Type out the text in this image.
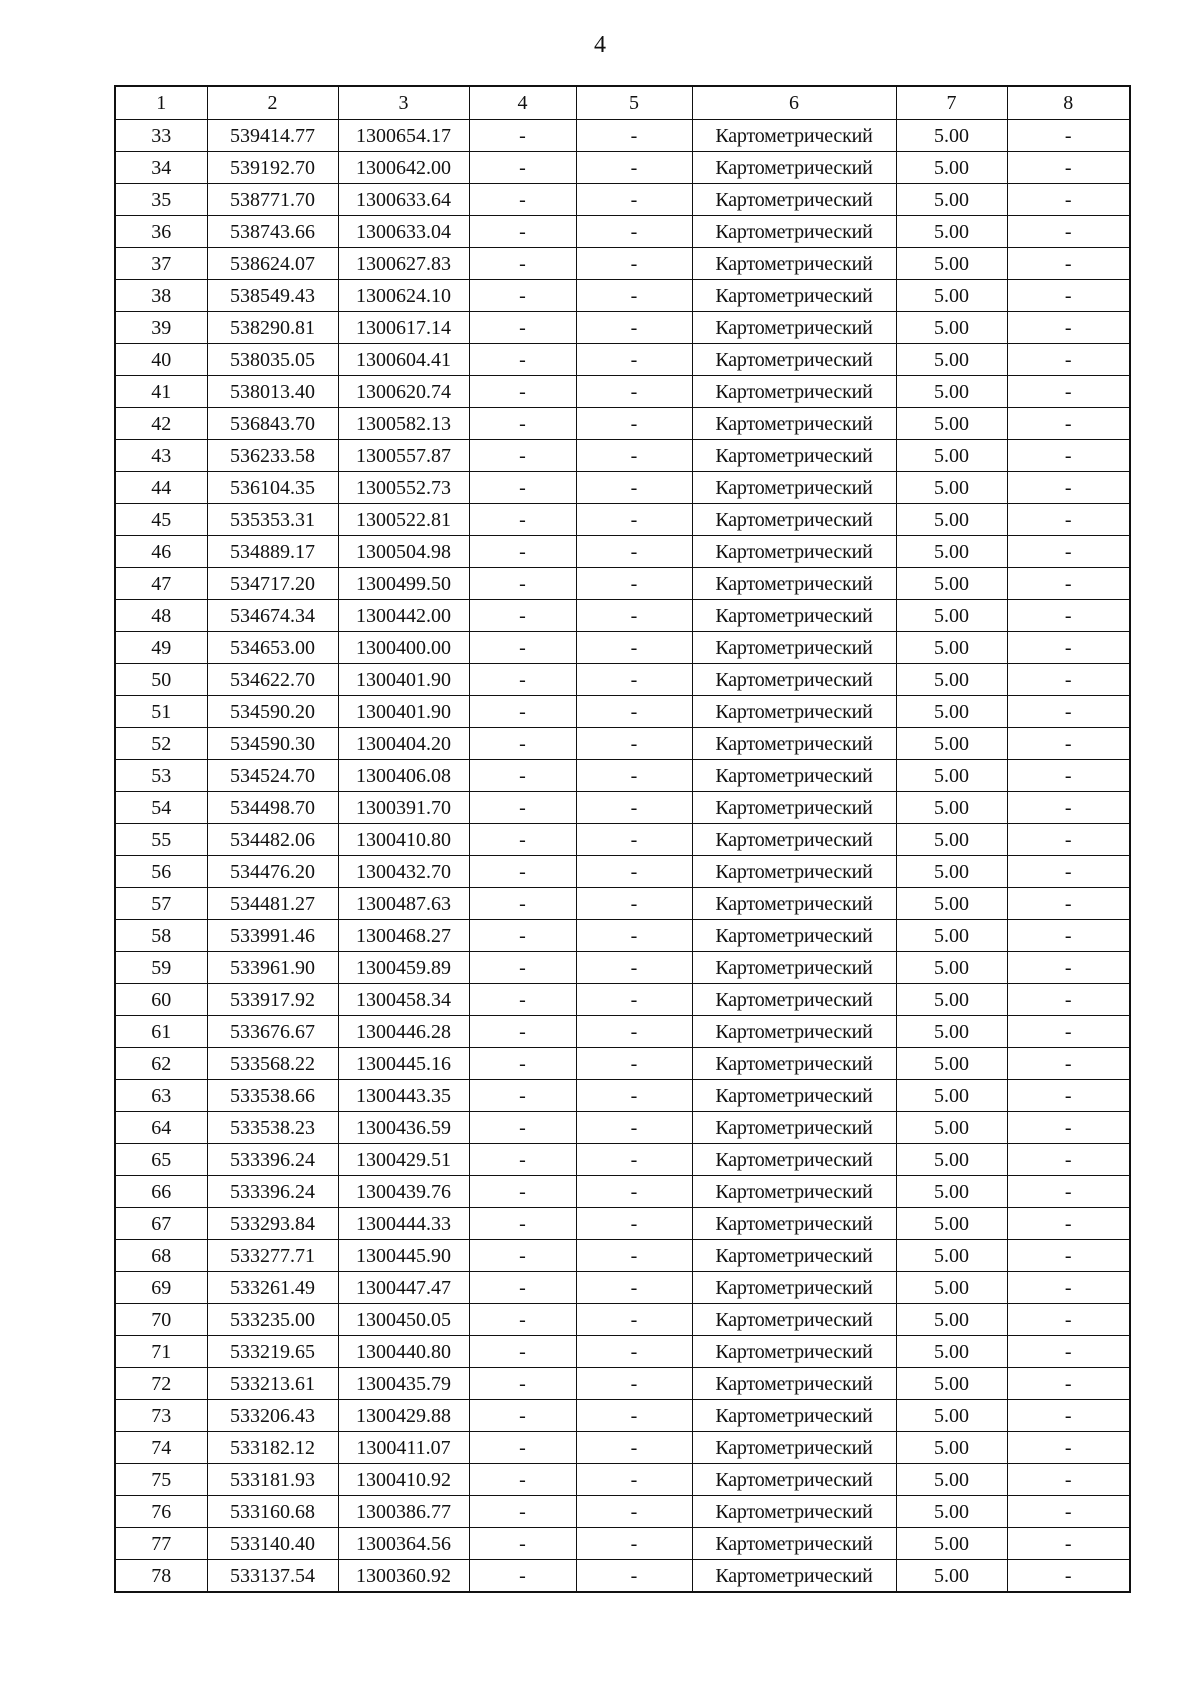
4
1	2	3	4	5	6	7	8
33	539414.77	1300654.17	-	-	Картометрический	5.00	-
34	539192.70	1300642.00	-	-	Картометрический	5.00	-
35	538771.70	1300633.64	-	-	Картометрический	5.00	-
36	538743.66	1300633.04	-	-	Картометрический	5.00	-
37	538624.07	1300627.83	-	-	Картометрический	5.00	-
38	538549.43	1300624.10	-	-	Картометрический	5.00	-
39	538290.81	1300617.14	-	-	Картометрический	5.00	-
40	538035.05	1300604.41	-	-	Картометрический	5.00	-
41	538013.40	1300620.74	-	-	Картометрический	5.00	-
42	536843.70	1300582.13	-	-	Картометрический	5.00	-
43	536233.58	1300557.87	-	-	Картометрический	5.00	-
44	536104.35	1300552.73	-	-	Картометрический	5.00	-
45	535353.31	1300522.81	-	-	Картометрический	5.00	-
46	534889.17	1300504.98	-	-	Картометрический	5.00	-
47	534717.20	1300499.50	-	-	Картометрический	5.00	-
48	534674.34	1300442.00	-	-	Картометрический	5.00	-
49	534653.00	1300400.00	-	-	Картометрический	5.00	-
50	534622.70	1300401.90	-	-	Картометрический	5.00	-
51	534590.20	1300401.90	-	-	Картометрический	5.00	-
52	534590.30	1300404.20	-	-	Картометрический	5.00	-
53	534524.70	1300406.08	-	-	Картометрический	5.00	-
54	534498.70	1300391.70	-	-	Картометрический	5.00	-
55	534482.06	1300410.80	-	-	Картометрический	5.00	-
56	534476.20	1300432.70	-	-	Картометрический	5.00	-
57	534481.27	1300487.63	-	-	Картометрический	5.00	-
58	533991.46	1300468.27	-	-	Картометрический	5.00	-
59	533961.90	1300459.89	-	-	Картометрический	5.00	-
60	533917.92	1300458.34	-	-	Картометрический	5.00	-
61	533676.67	1300446.28	-	-	Картометрический	5.00	-
62	533568.22	1300445.16	-	-	Картометрический	5.00	-
63	533538.66	1300443.35	-	-	Картометрический	5.00	-
64	533538.23	1300436.59	-	-	Картометрический	5.00	-
65	533396.24	1300429.51	-	-	Картометрический	5.00	-
66	533396.24	1300439.76	-	-	Картометрический	5.00	-
67	533293.84	1300444.33	-	-	Картометрический	5.00	-
68	533277.71	1300445.90	-	-	Картометрический	5.00	-
69	533261.49	1300447.47	-	-	Картометрический	5.00	-
70	533235.00	1300450.05	-	-	Картометрический	5.00	-
71	533219.65	1300440.80	-	-	Картометрический	5.00	-
72	533213.61	1300435.79	-	-	Картометрический	5.00	-
73	533206.43	1300429.88	-	-	Картометрический	5.00	-
74	533182.12	1300411.07	-	-	Картометрический	5.00	-
75	533181.93	1300410.92	-	-	Картометрический	5.00	-
76	533160.68	1300386.77	-	-	Картометрический	5.00	-
77	533140.40	1300364.56	-	-	Картометрический	5.00	-
78	533137.54	1300360.92	-	-	Картометрический	5.00	-
